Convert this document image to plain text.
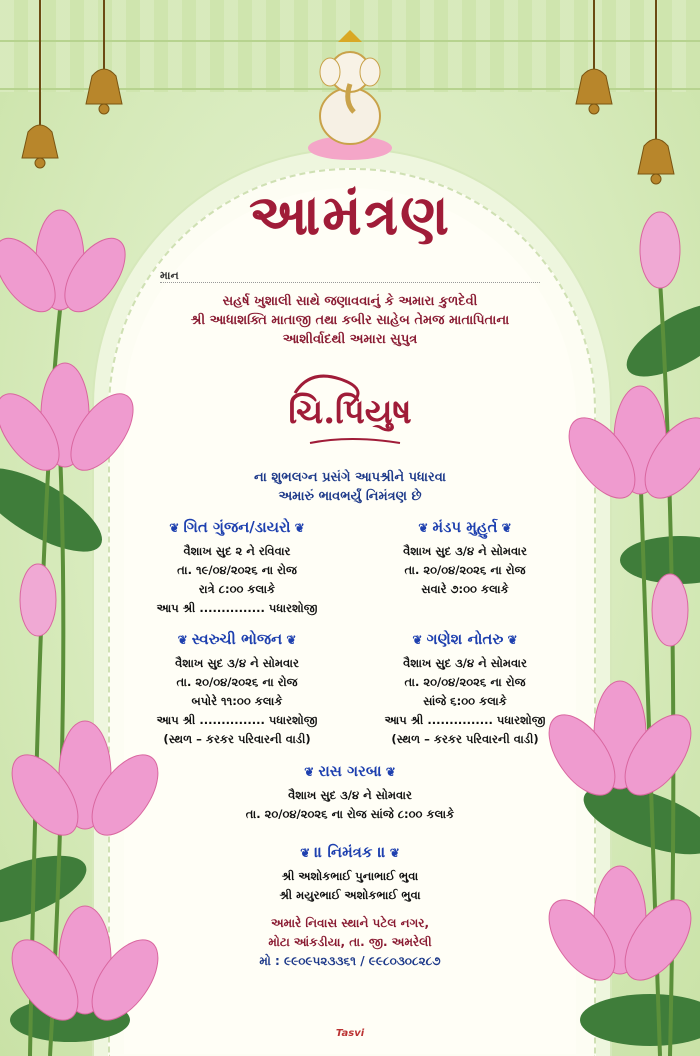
આમંત્રણ
માન
સહર્ષ ખુશાલી સાથે જણાવવાનું કે અમારા કુળદેવી
શ્રી આધાશક્તિ માતાજી તથા કબીર સાહેબ તેમજ માતાપિતાના
આશીર્વાદથી અમારા સુપુત્ર
ચિ.પિયુષ
ના શુભલગ્ન પ્રસંગે આપશ્રીને પધારવા
અમારું ભાવભર્યું નિમંત્રણ છે
❦ ગિત ગુંજન/ડાયરો ❦
વૈશાખ સુદ ૨ ને રવિવાર
તા. ૧૯/૦૪/૨૦૨૬ ના રોજ
રાત્રે ૮:૦૦ કલાકે
આપ શ્રી ............... પધારશોજી
❦ મંડપ મુહુર્ત ❦
વૈશાખ સુદ ૩/૪ ને સોમવાર
તા. ૨૦/૦૪/૨૦૨૬ ના રોજ
સવારે ૭:૦૦ કલાકે
❦ સ્વરુચી ભોજન ❦
વૈશાખ સુદ ૩/૪ ને સોમવાર
તા. ૨૦/૦૪/૨૦૨૬ ના રોજ
બપોરે ૧૧:૦૦ કલાકે
આપ શ્રી ............... પધારશોજી
(સ્થળ – કરકર પરિવારની વાડી)
❦ ગણેશ નોતરુ ❦
વૈશાખ સુદ ૩/૪ ને સોમવાર
તા. ૨૦/૦૪/૨૦૨૬ ના રોજ
સાંજે ૬:૦૦ કલાકે
આપ શ્રી ............... પધારશોજી
(સ્થળ – કરકર પરિવારની વાડી)
❦ રાસ ગરબા ❦
વૈશાખ સુદ ૩/૪ ને સોમવાર
તા. ૨૦/૦૪/૨૦૨૬ ના રોજ સાંજે ૮:૦૦ કલાકે
❦ ॥ નિમંત્રક ॥ ❦
શ્રી અશોકભાઈ પુનાભાઈ ભુવા
શ્રી મયુરભાઈ અશોકભાઈ ભુવા
અમારે નિવાસ સ્થાને પટેલ નગર,
મોટા આંકડીયા, તા. જી. અમરેલી
મો : ૯૯૦૯૫૨૩૩૬૧ / ૯૯૮૦૩૦૮૨૮૭
Tasvi
